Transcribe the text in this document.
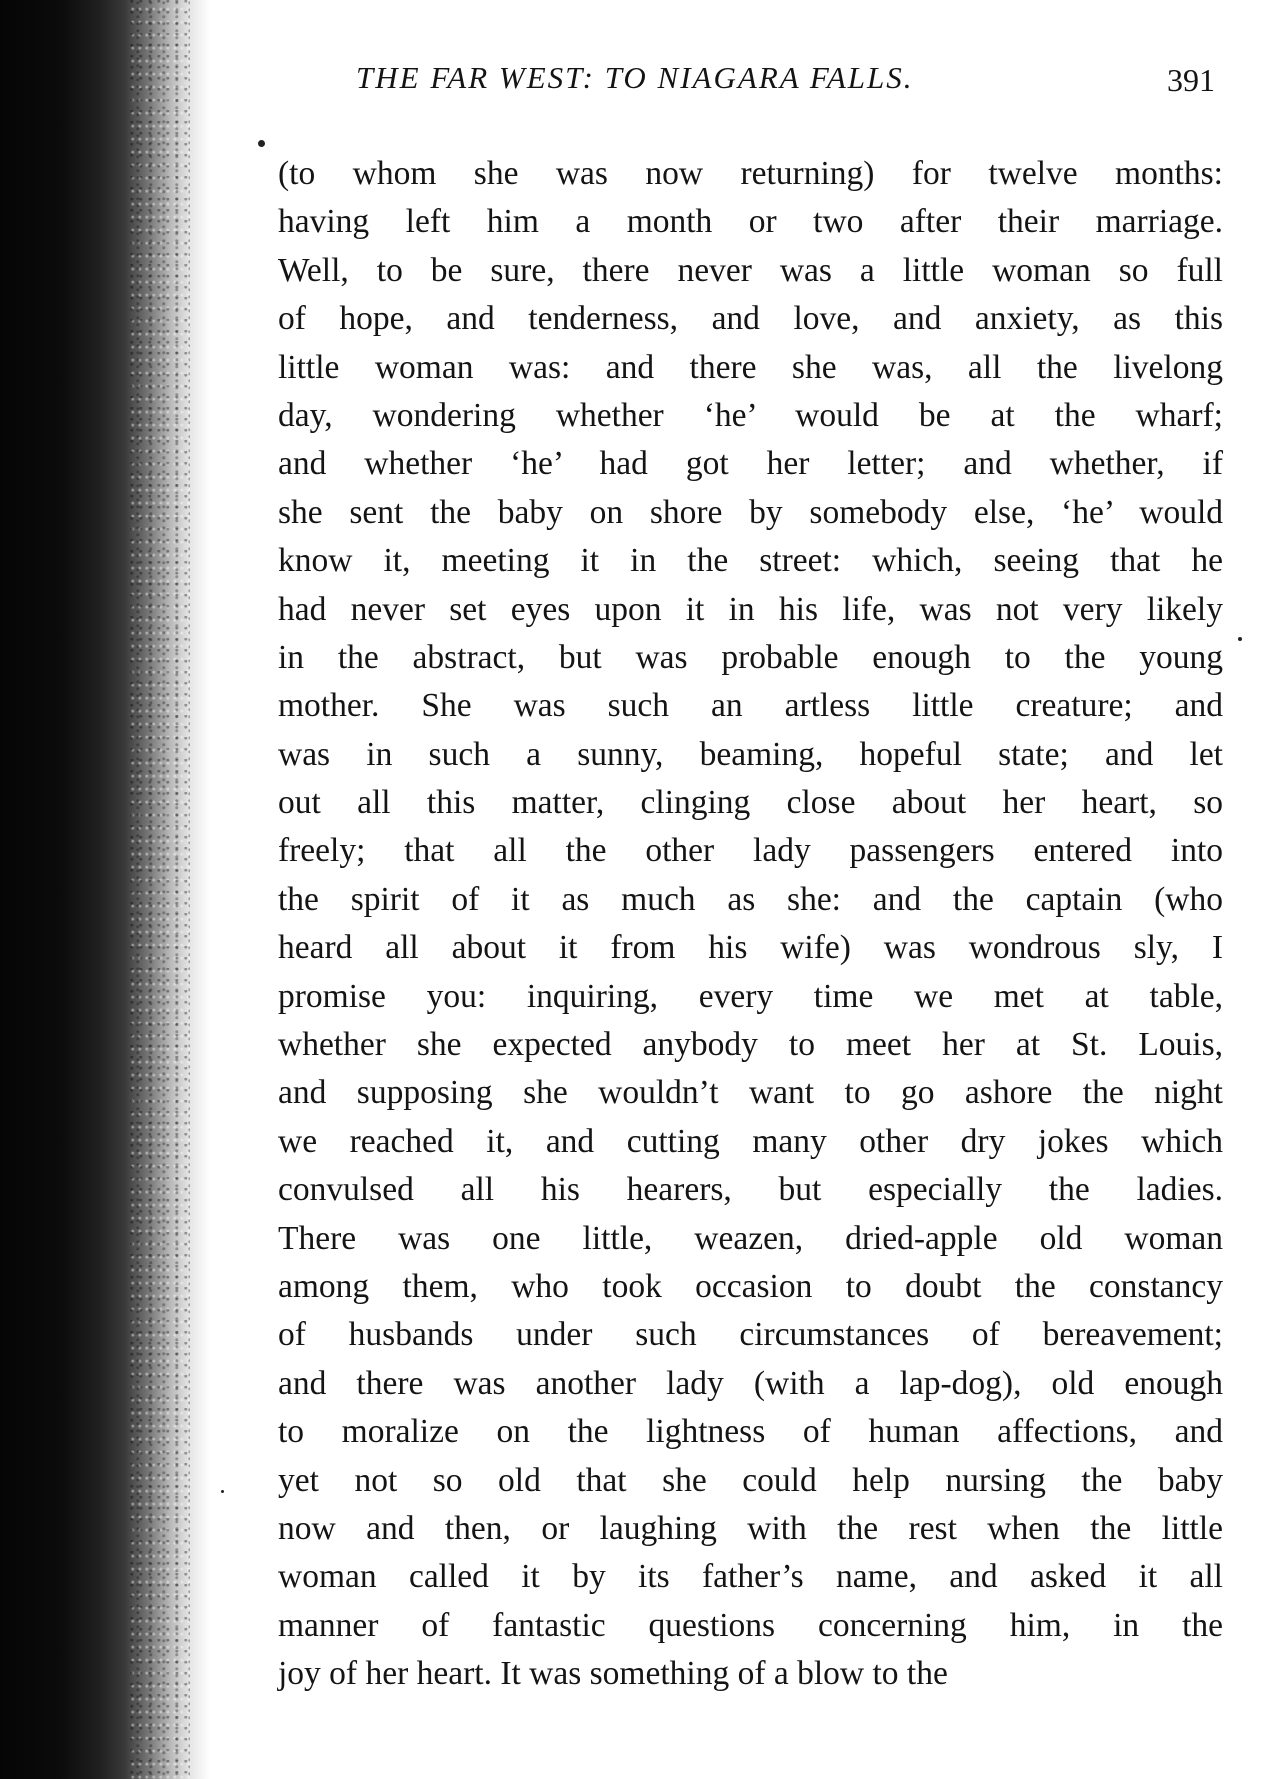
THE FAR WEST: TO NIAGARA FALLS.	391
(to whom she was now returning) for twelve months:
having left him a month or two after their marriage.
Well, to be sure, there never was a little woman so full
of hope, and tenderness, and love, and anxiety, as this
little woman was: and there she was, all the livelong
day, wondering whether ‘he’ would be at the wharf;
and whether ‘he’ had got her letter; and whether, if
she sent the baby on shore by somebody else, ‘he’ would
know it, meeting it in the street: which, seeing that he
had never set eyes upon it in his life, was not very likely
in the abstract, but was probable enough to the young
mother. She was such an artless little creature; and
was in such a sunny, beaming, hopeful state; and let
out all this matter, clinging close about her heart, so
freely; that all the other lady passengers entered into
the spirit of it as much as she: and the captain (who
heard all about it from his wife) was wondrous sly, I
promise you: inquiring, every time we met at table,
whether she expected anybody to meet her at St. Louis,
and supposing she wouldn’t want to go ashore the night
we reached it, and cutting many other dry jokes which
convulsed all his hearers, but especially the ladies.
There was one little, weazen, dried-apple old woman
among them, who took occasion to doubt the constancy
of husbands under such circumstances of bereavement;
and there was another lady (with a lap-dog), old enough
to moralize on the lightness of human affections, and
yet not so old that she could help nursing the baby
now and then, or laughing with the rest when the little
woman called it by its father’s name, and asked it all
manner of fantastic questions concerning him, in the
joy of her heart. It was something of a blow to the
